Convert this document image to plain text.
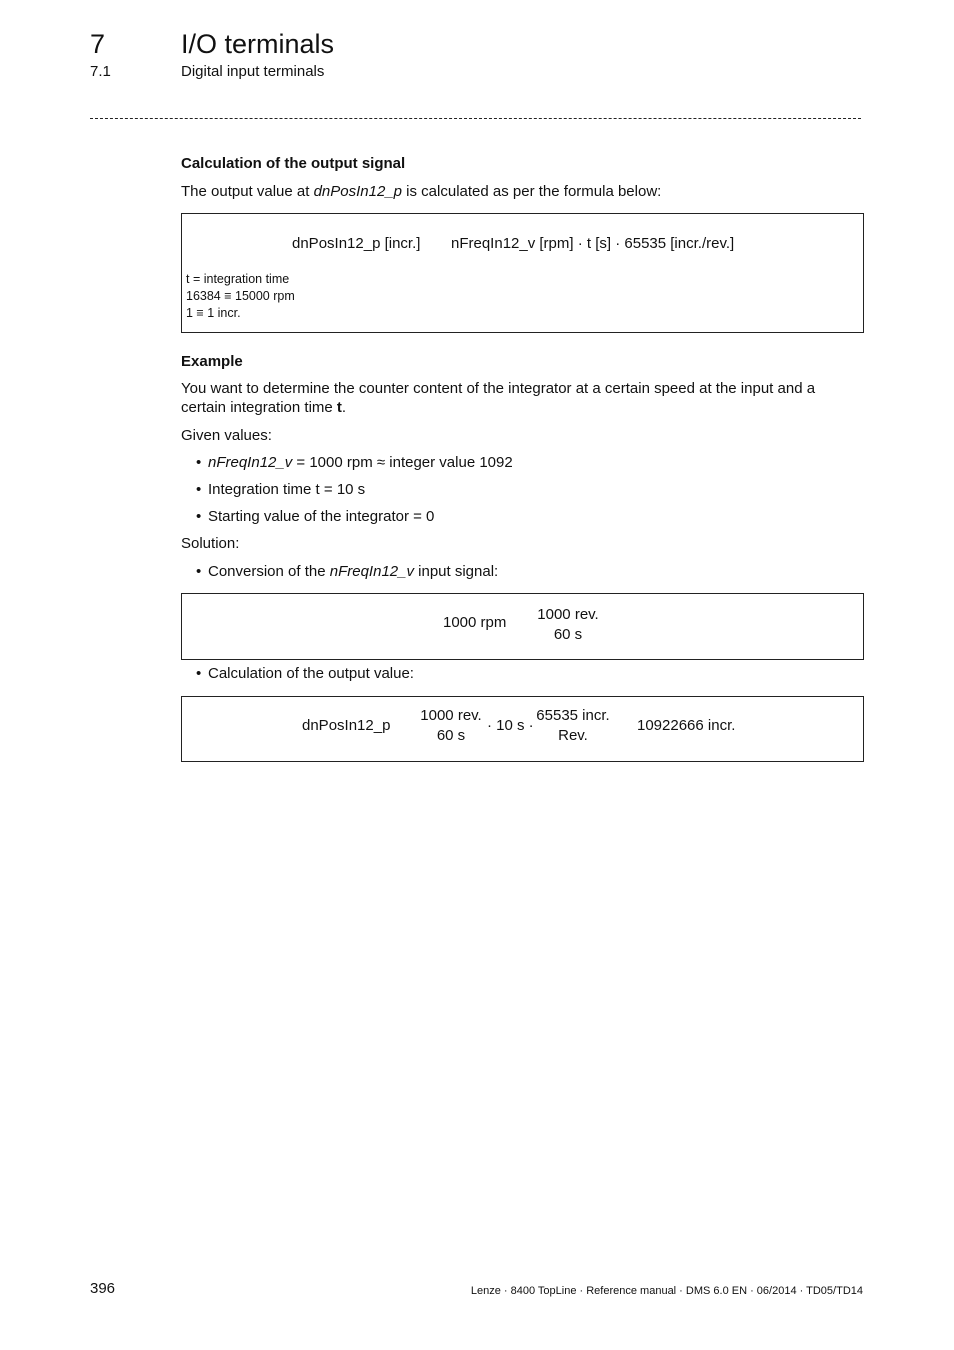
7	I/O terminals
7.1	Digital input terminals
Calculation of the output signal
The output value at dnPosIn12_p is calculated as per the formula below:
dnPosIn12_p [incr.] nFreqIn12_v [rpm] · t [s] · 65535 [incr./rev.]
t = integration time
16384 ≡ 15000 rpm
1 ≡ 1 incr.
Example
You want to determine the counter content of the integrator at a certain speed at the input and a
certain integration time t.
Given values:
• nFreqIn12_v = 1000 rpm ≈ integer value 1092
• Integration time t = 10 s
• Starting value of the integrator = 0
Solution:
• Conversion of the nFreqIn12_v input signal:
1000 rpm	1000 rev.
60 s
• Calculation of the output value:
dnPosIn12_p
1000 rev.
60 s
· 10 s ·
65535 incr.
Rev.
10922666 incr.
396	Lenze · 8400 TopLine · Reference manual · DMS 6.0 EN · 06/2014 · TD05/TD14
